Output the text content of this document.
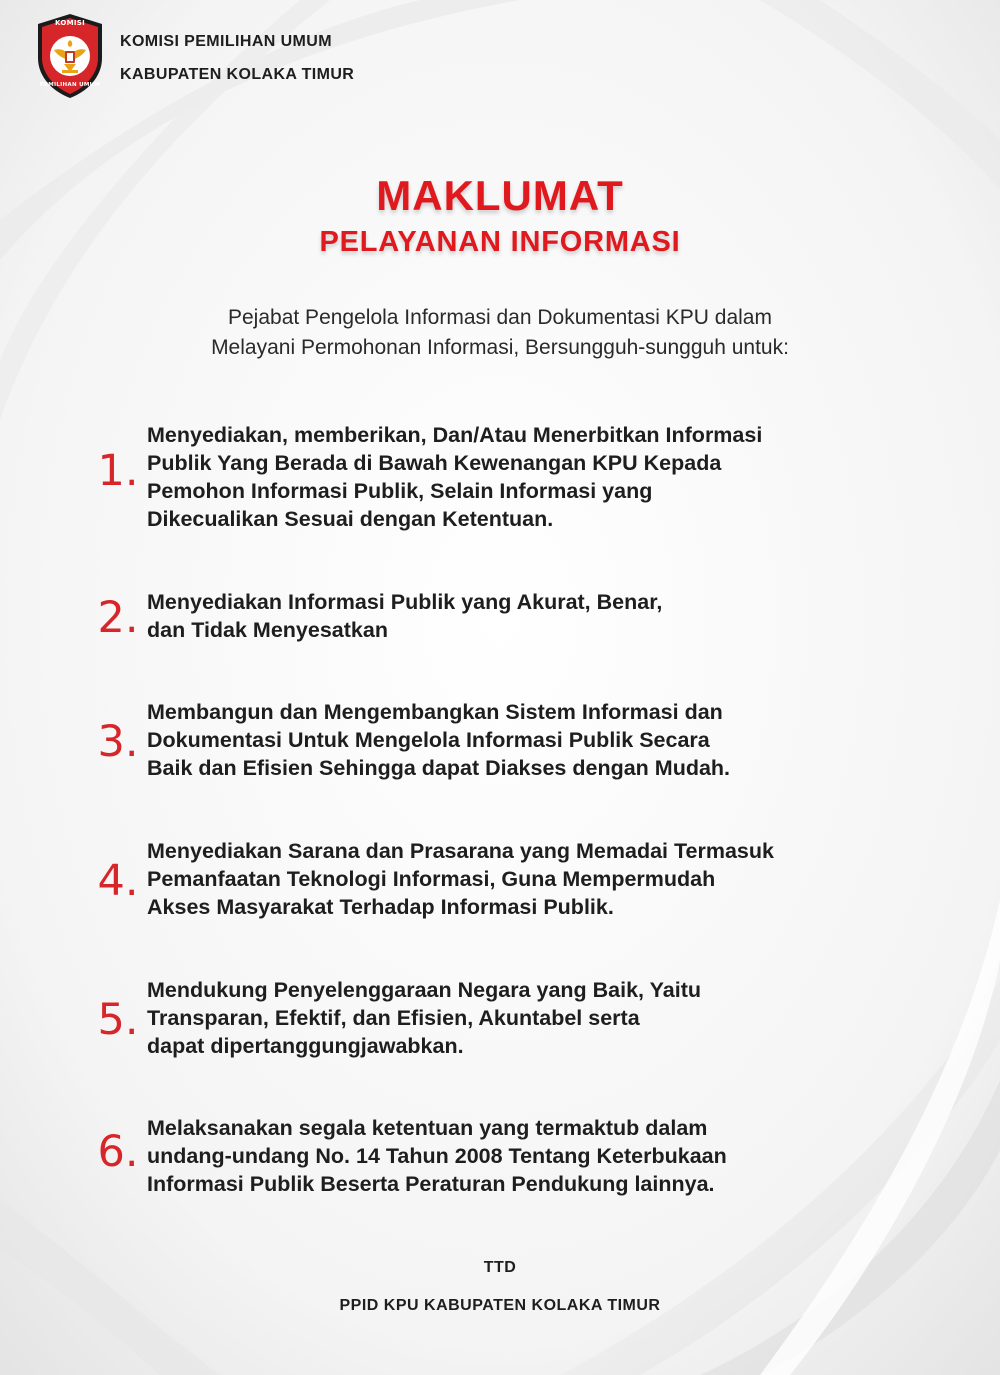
KOMISI
PEMILIHAN UMUM
KOMISI PEMILIHAN UMUM
KABUPATEN KOLAKA TIMUR
MAKLUMAT
PELAYANAN INFORMASI
Pejabat Pengelola Informasi dan Dokumentasi KPU dalam
Melayani Permohonan Informasi, Bersungguh-sungguh untuk:
1.
Menyediakan, memberikan, Dan/Atau Menerbitkan Informasi
Publik Yang Berada di Bawah Kewenangan KPU Kepada
Pemohon Informasi Publik, Selain Informasi yang
Dikecualikan Sesuai dengan Ketentuan.
2. Menyediakan Informasi Publik yang Akurat, Benar,
dan Tidak Menyesatkan
3.
Membangun dan Mengembangkan Sistem Informasi dan
Dokumentasi Untuk Mengelola Informasi Publik Secara
Baik dan Efisien Sehingga dapat Diakses dengan Mudah.
4.
Menyediakan Sarana dan Prasarana yang Memadai Termasuk
Pemanfaatan Teknologi Informasi, Guna Mempermudah
Akses Masyarakat Terhadap Informasi Publik.
5.
Mendukung Penyelenggaraan Negara yang Baik, Yaitu
Transparan, Efektif, dan Efisien, Akuntabel serta
dapat dipertanggungjawabkan.
6. Melaksanakan segala ketentuan yang termaktub dalam
undang-undang No. 14 Tahun 2008 Tentang Keterbukaan
Informasi Publik Beserta Peraturan Pendukung lainnya.
TTD
PPID KPU KABUPATEN KOLAKA TIMUR
